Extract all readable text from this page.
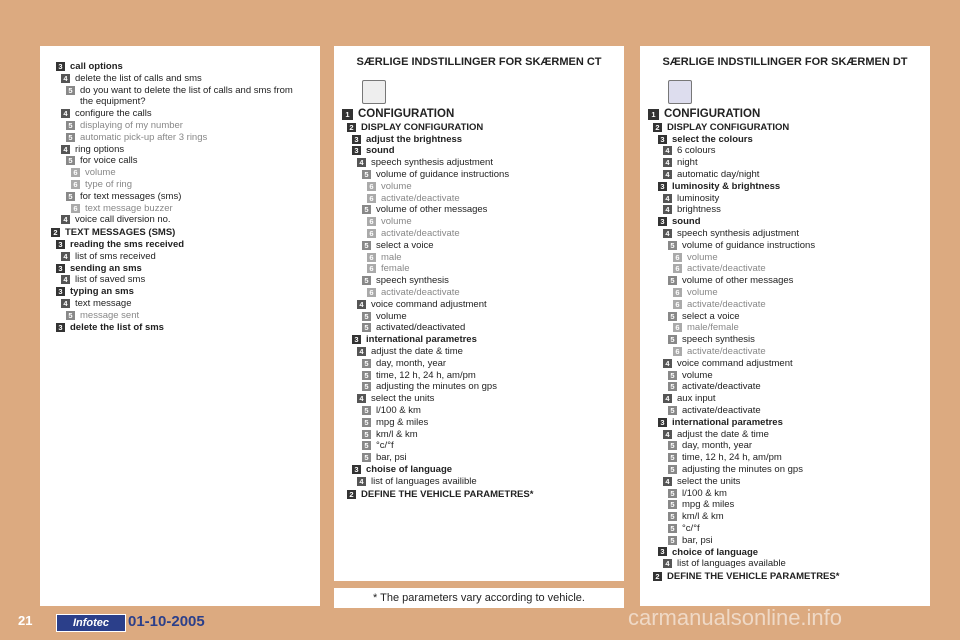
3 call options
4 delete the list of calls and sms
5 do you want to delete the list of calls and sms from the equipment?
4 configure the calls
5 displaying of my number
5 automatic pick-up after 3 rings
4 ring options
5 for voice calls
6 volume
6 type of ring
5 for text messages (sms)
6 text message buzzer
4 voice call diversion no.
2 TEXT MESSAGES (SMS)
3 reading the sms received
4 list of sms received
3 sending an sms
4 list of saved sms
3 typing an sms
4 text message
5 message sent
3 delete the list of sms
SÆRLIGE INDSTILLINGER FOR SKÆRMEN CT
1 CONFIGURATION
2 DISPLAY CONFIGURATION
3 adjust the brightness
3 sound
4 speech synthesis adjustment
5 volume of guidance instructions
6 volume
6 activate/deactivate
5 volume of other messages
6 volume
6 activate/deactivate
5 select a voice
6 male
6 female
5 speech synthesis
6 activate/deactivate
4 voice command adjustment
5 volume
5 activated/deactivated
3 international parametres
4 adjust the date & time
5 day, month, year
5 time, 12 h, 24 h, am/pm
5 adjusting the minutes on gps
4 select the units
5 l/100 & km
5 mpg & miles
5 km/l & km
5 °c/°f
5 bar, psi
3 choise of language
4 list of languages availible
2 DEFINE THE VEHICLE PARAMETRES*
SÆRLIGE INDSTILLINGER FOR SKÆRMEN DT
1 CONFIGURATION
2 DISPLAY CONFIGURATION
3 select the colours
4 6 colours
4 night
4 automatic day/night
3 luminosity & brightness
4 luminosity
4 brightness
3 sound
4 speech synthesis adjustment
5 volume of guidance instructions
6 volume
6 activate/deactivate
5 volume of other messages
6 volume
6 activate/deactivate
5 select a voice
6 male/female
5 speech synthesis
6 activate/deactivate
4 voice command adjustment
5 volume
5 activate/deactivate
4 aux input
5 activate/deactivate
3 international parametres
4 adjust the date & time
5 day, month, year
5 time, 12 h, 24 h, am/pm
5 adjusting the minutes on gps
4 select the units
5 l/100 & km
5 mpg & miles
5 km/l & km
5 °c/°f
5 bar, psi
3 choice of language
4 list of languages available
2 DEFINE THE VEHICLE PARAMETRES*
* The parameters vary according to vehicle.
21	Infotec	01-10-2005	carmanualsonline.info
